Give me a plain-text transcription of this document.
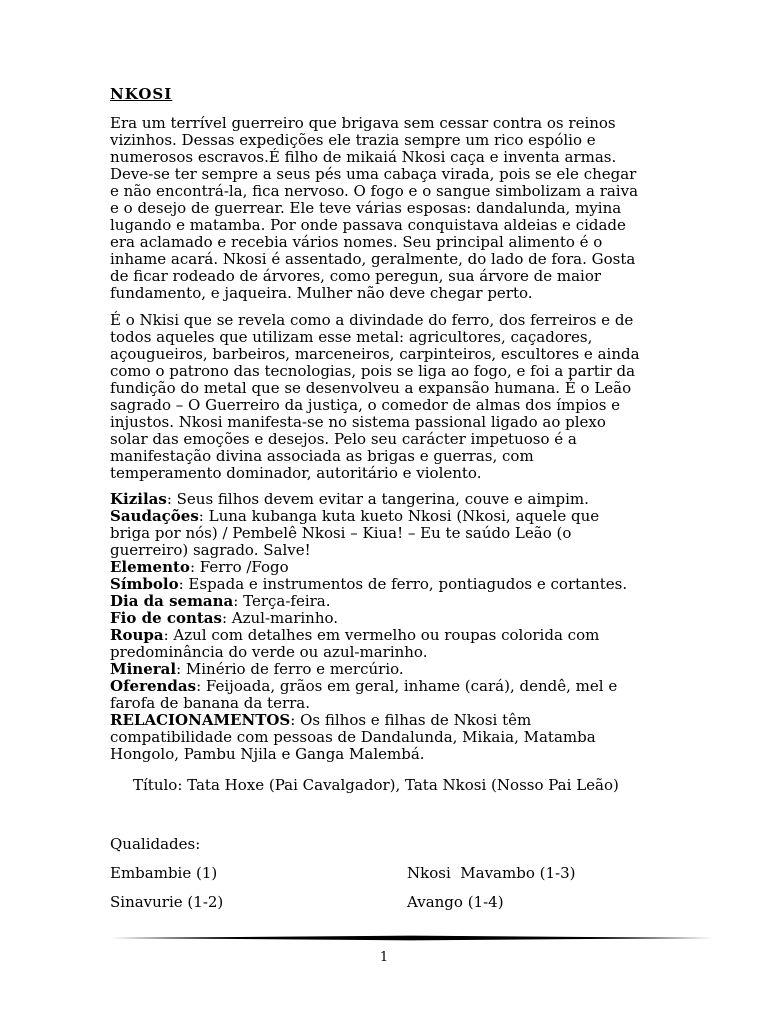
NKOSI
Era um terrível guerreiro que brigava sem cessar contra os reinos
vizinhos. Dessas expedições ele trazia sempre um rico espólio e
numerosos escravos.É filho de mikaiá Nkosi caça e inventa armas.
Deve-se ter sempre a seus pés uma cabaça virada, pois se ele chegar
e não encontrá-la, fica nervoso. O fogo e o sangue simbolizam a raiva
e o desejo de guerrear. Ele teve várias esposas: dandalunda, myina
lugando e matamba. Por onde passava conquistava aldeias e cidade
era aclamado e recebia vários nomes. Seu principal alimento é o
inhame acará. Nkosi é assentado, geralmente, do lado de fora. Gosta
de ficar rodeado de árvores, como peregun, sua árvore de maior
fundamento, e jaqueira. Mulher não deve chegar perto.
É o Nkisi que se revela como a divindade do ferro, dos ferreiros e de
todos aqueles que utilizam esse metal: agricultores, caçadores,
açougueiros, barbeiros, marceneiros, carpinteiros, escultores e ainda
como o patrono das tecnologias, pois se liga ao fogo, e foi a partir da
fundição do metal que se desenvolveu a expansão humana. É o Leão
sagrado – O Guerreiro da justiça, o comedor de almas dos ímpios e
injustos. Nkosi manifesta-se no sistema passional ligado ao plexo
solar das emoções e desejos. Pelo seu carácter impetuoso é a
manifestação divina associada as brigas e guerras, com
temperamento dominador, autoritário e violento.
Kizilas: Seus filhos devem evitar a tangerina, couve e aimpim.
Saudações: Luna kubanga kuta kueto Nkosi (Nkosi, aquele que
briga por nós) / Pembelê Nkosi – Kiua! – Eu te saúdo Leão (o
guerreiro) sagrado. Salve!
Elemento: Ferro /Fogo
Símbolo: Espada e instrumentos de ferro, pontiagudos e cortantes.
Dia da semana: Terça-feira.
Fio de contas: Azul-marinho.
Roupa: Azul com detalhes em vermelho ou roupas colorida com
predominância do verde ou azul-marinho.
Mineral: Minério de ferro e mercúrio.
Oferendas: Feijoada, grãos em geral, inhame (cará), dendê, mel e
farofa de banana da terra.
RELACIONAMENTOS: Os filhos e filhas de Nkosi têm
compatibilidade com pessoas de Dandalunda, Mikaia, Matamba
Hongolo, Pambu Njila e Ganga Malembá.
Título: Tata Hoxe (Pai Cavalgador), Tata Nkosi (Nosso Pai Leão)
Qualidades:
Embambie (1)	Nkosi  Mavambo (1-3)
Sinavurie (1-2)	Avango (1-4)
1
